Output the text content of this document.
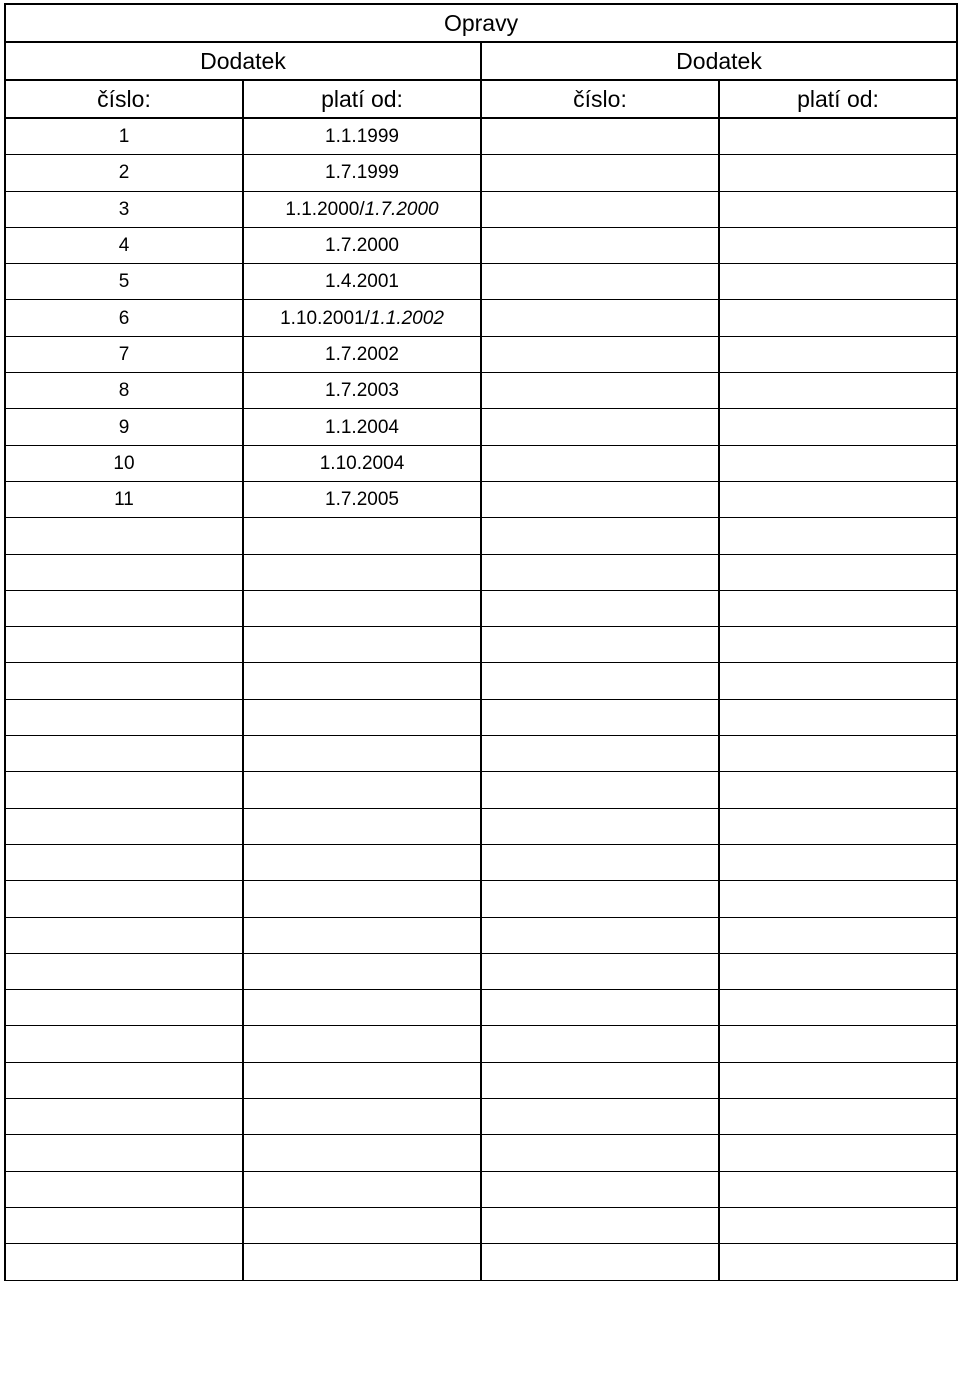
Opravy			
Dodatek		Dodatek	
číslo:	platí od:	číslo:	platí od:
1	1.1.1999		
2	1.7.1999		
3	1.1.2000/1.7.2000		
4	1.7.2000		
5	1.4.2001		
6	1.10.2001/1.1.2002		
7	1.7.2002		
8	1.7.2003		
9	1.1.2004		
10	1.10.2004		
11	1.7.2005		
